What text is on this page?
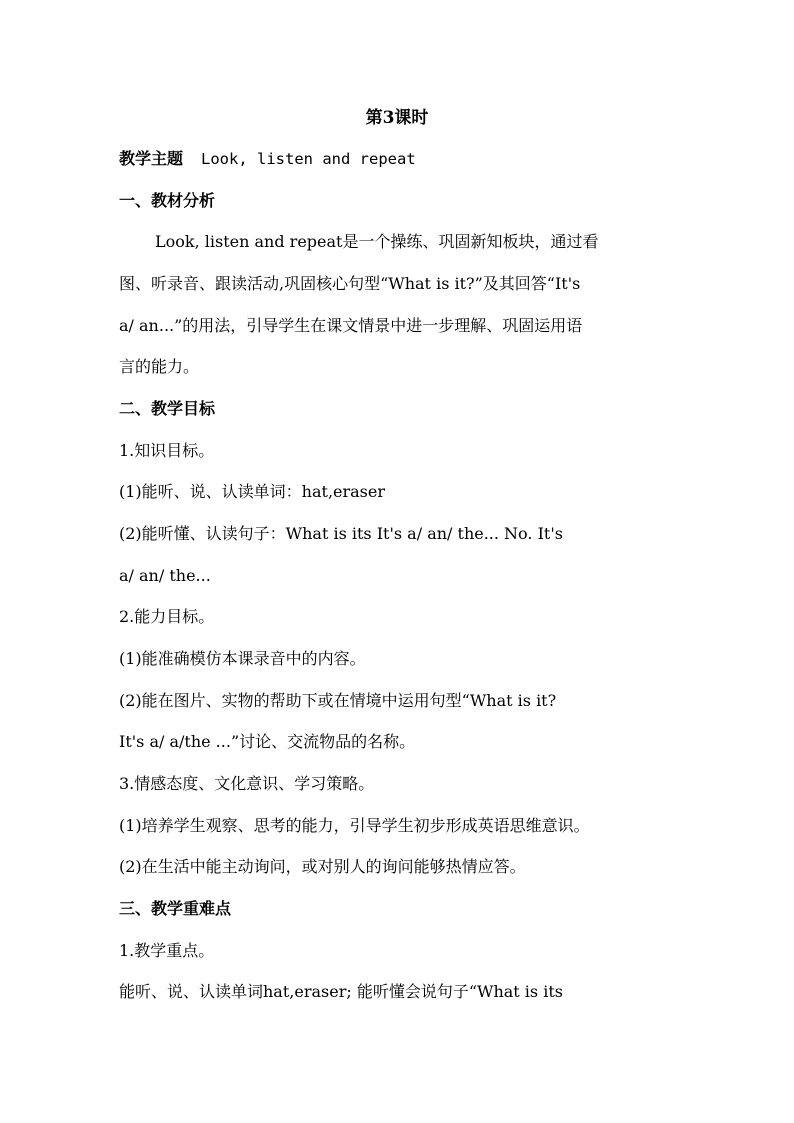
第3课时
教学主题 Look, listen and repeat
一、教材分析
Look, listen and repeat是一个操练、巩固新知板块，通过看
图、听录音、跟读活动,巩固核心句型“What is it?”及其回答“It's
a/ an...”的用法，引导学生在课文情景中进一步理解、巩固运用语
言的能力。
二、教学目标
1.知识目标。
(1)能听、说、认读单词：hat,eraser
(2)能听懂、认读句子：What is its It's a/ an/ the... No. It's
a/ an/ the...
2.能力目标。
(1)能准确模仿本课录音中的内容。
(2)能在图片、实物的帮助下或在情境中运用句型“What is it?
It's a/ a/the ...”讨论、交流物品的名称。
3.情感态度、文化意识、学习策略。
(1)培养学生观察、思考的能力，引导学生初步形成英语思维意识。
(2)在生活中能主动询问，或对别人的询问能够热情应答。
三、教学重难点
1.教学重点。
能听、说、认读单词hat,eraser; 能听懂会说句子“What is its
